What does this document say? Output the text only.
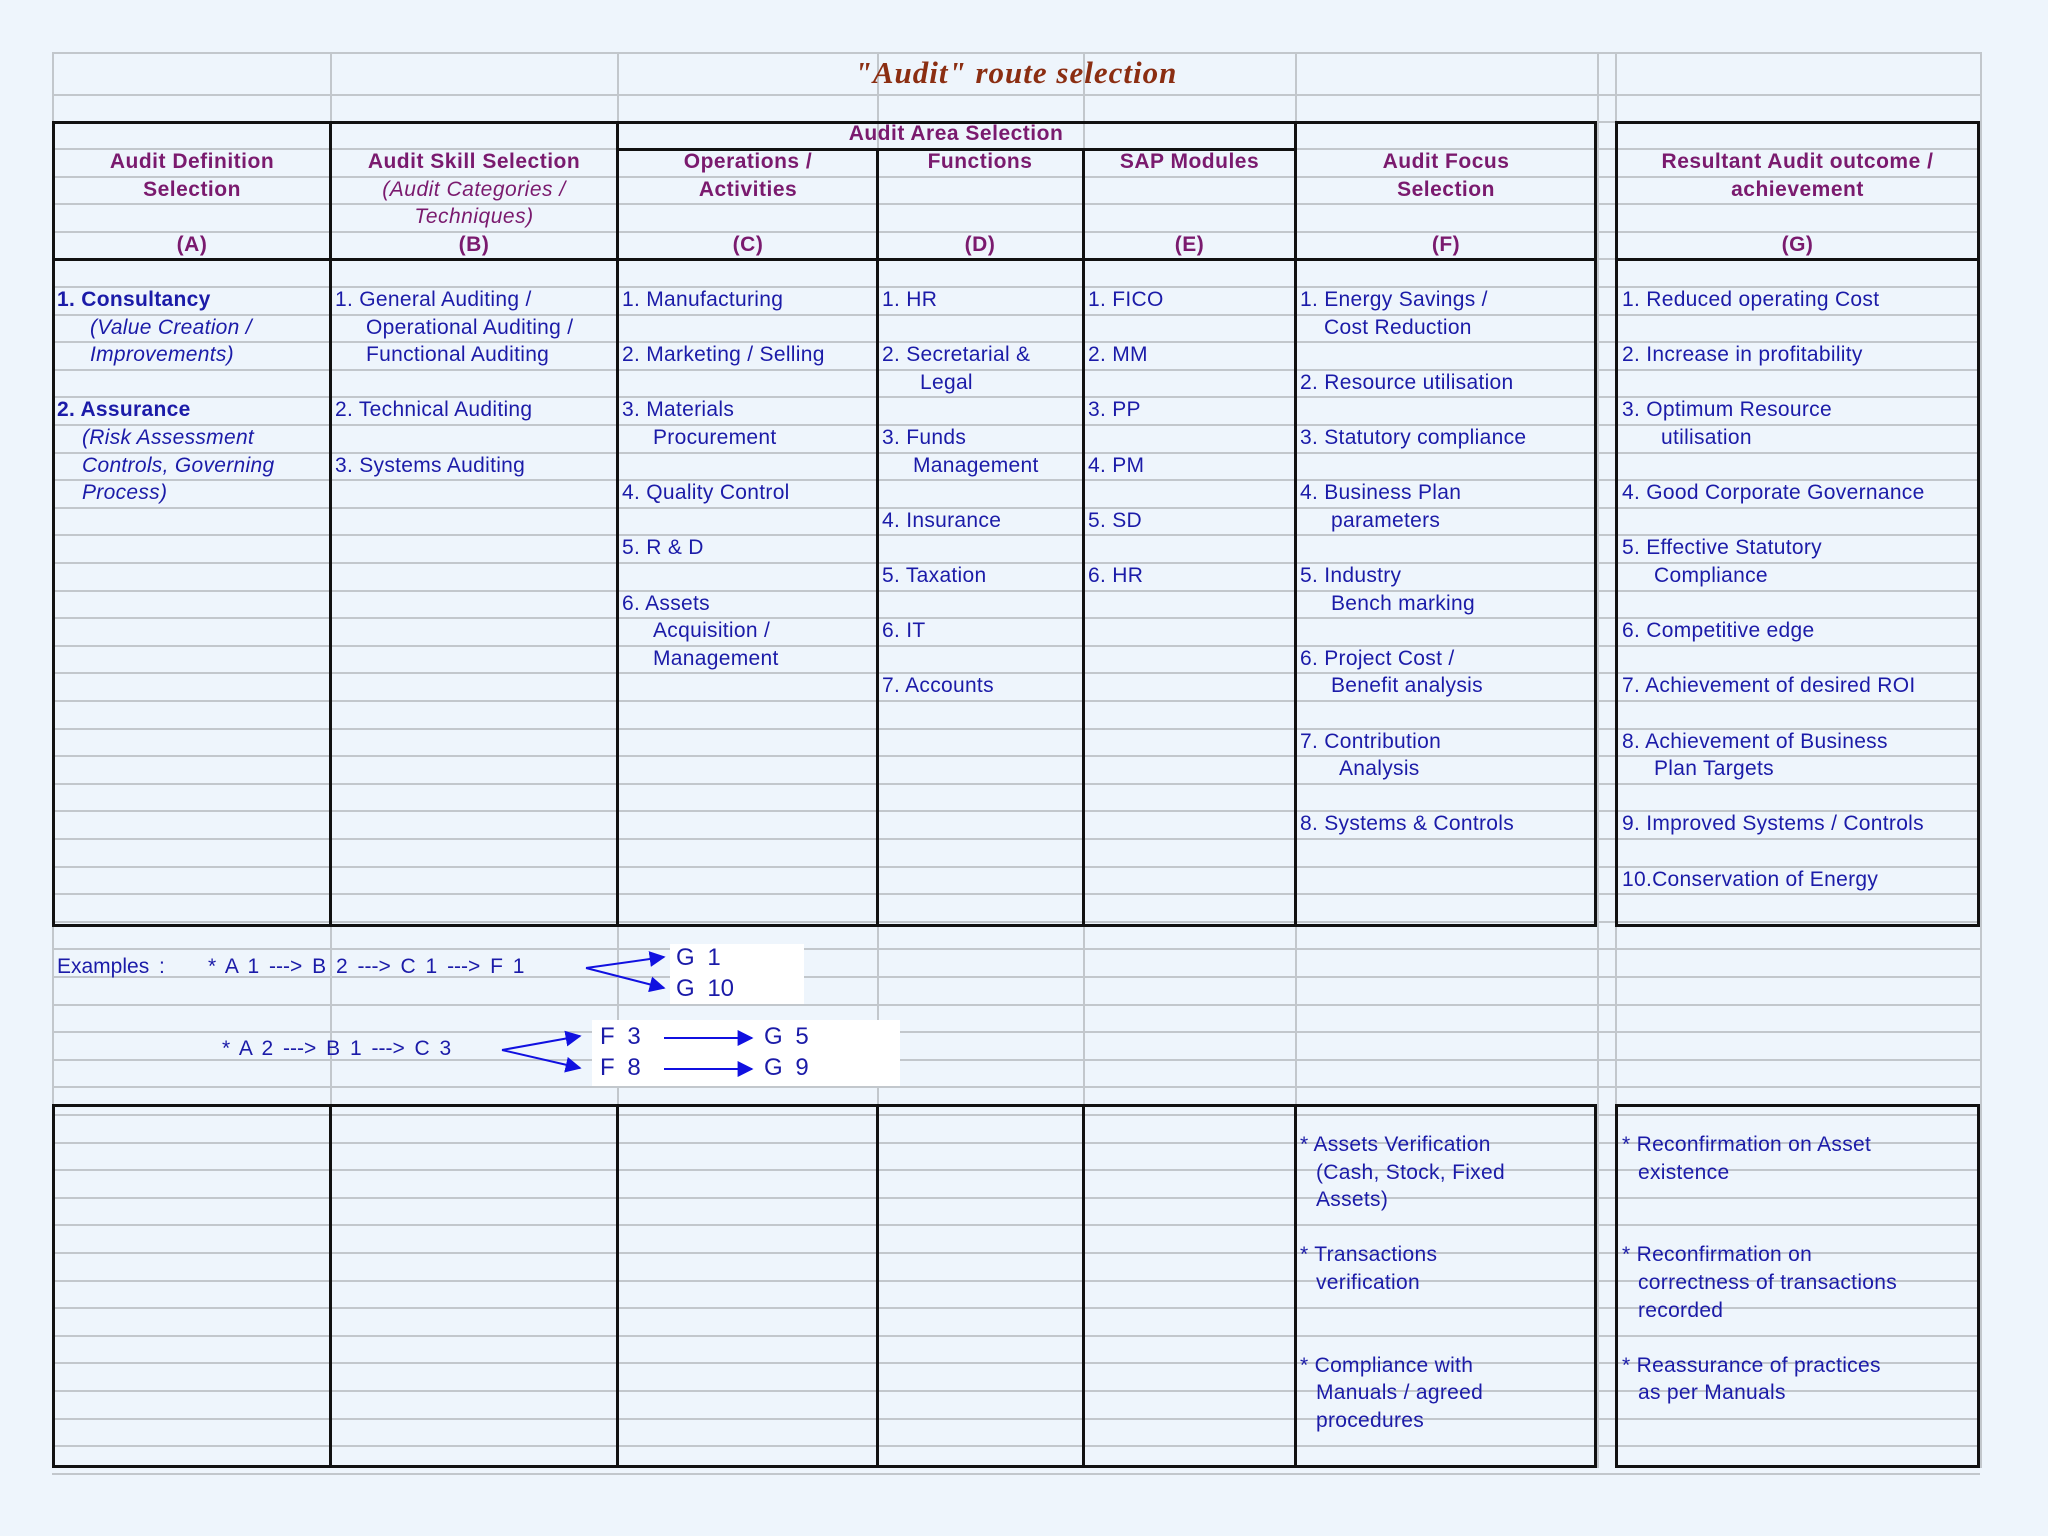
"Audit" route selection
Audit Area Selection
Audit Definition
Selection
(A)
Audit Skill Selection
(Audit Categories /
Techniques)
(B)
Operations /
Activities
(C)
Functions
(D)
SAP Modules
(E)
Audit Focus
Selection
(F)
Resultant Audit outcome /
achievement
(G)
1. Consultancy
(Value Creation /
Improvements)
2. Assurance
(Risk Assessment
Controls, Governing
Process)
1. General Auditing /
Operational Auditing /
Functional Auditing
2. Technical Auditing
3. Systems Auditing
1. Manufacturing
2. Marketing / Selling
3. Materials
Procurement
4. Quality Control
5. R & D
6. Assets
Acquisition /
Management
1. HR
2. Secretarial &
Legal
3. Funds
Management
4. Insurance
5. Taxation
6. IT
7. Accounts
1. FICO
2. MM
3. PP
4. PM
5. SD
6. HR
1. Energy Savings /
Cost Reduction
2. Resource utilisation
3. Statutory compliance
4. Business Plan
parameters
5. Industry
Bench marking
6. Project Cost /
Benefit analysis
7. Contribution
Analysis
8. Systems & Controls
1. Reduced operating Cost
2. Increase in profitability
3. Optimum Resource
utilisation
4. Good Corporate Governance
5. Effective Statutory
Compliance
6. Competitive edge
7. Achievement of desired ROI
8. Achievement of Business
Plan Targets
9. Improved Systems / Controls
10.Conservation of Energy
Examples : * A 1 ---> B 2 ---> C 1 ---> F 1	G 1
G 10
* A 2 ---> B 1 ---> C 3	F 3
F 8
G 5
G 9
* Assets Verification
(Cash, Stock, Fixed
Assets)
* Transactions
verification
* Compliance with
Manuals / agreed
procedures
* Reconfirmation on Asset
existence
* Reconfirmation on
correctness of transactions
recorded
* Reassurance of practices
as per Manuals
